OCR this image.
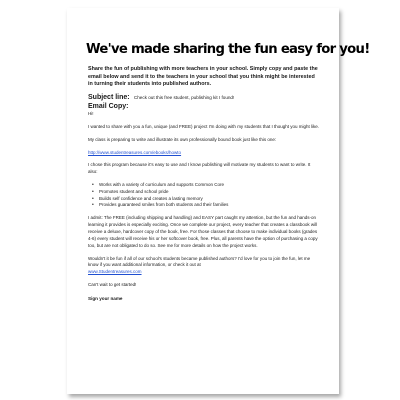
We've made sharing the fun easy for you!
Share the fun of publishing with more teachers in your school. Simply copy and paste the email below and send it to the teachers in your school that you think might be interested in turning their students into published authors.
Subject line: Check out this free student, publishing kit I found!
Email Copy:
Hi!
I wanted to share with you a fun, unique (and FREE) project I'm doing with my students that I thought you might like.
My class is preparing to write and illustrate its own professionally bound book just like this one:
http://www.studentreasures.com/ebooks/howto
I chose this program because it's easy to use and I know publishing will motivate my students to want to write. It also:
• Works with a variety of curriculum and supports Common Core
• Promotes student and school pride
• Builds self confidence and creates a lasting memory
• Provides guaranteed smiles from both students and their families
I admit: The FREE (including shipping and handling) and EASY part caught my attention, but the fun and hands-on learning it provides is especially exciting. Once we complete our project, every teacher that creates a classbook will receive a deluxe, hardcover copy of the book, free. For those classes that choose to make individual books (grades 4-6) every student will receive his or her softcover book, free. Plus, all parents have the option of purchasing a copy too, but are not obligated to do so. See me for more details on how the project works.
Wouldn't it be fun if all of our school's students became published authors? I'd love for you to join the fun, let me know if you want additional information, or check it out at
www.Studentreasures.com
Can't wait to get started!
Sign your name
